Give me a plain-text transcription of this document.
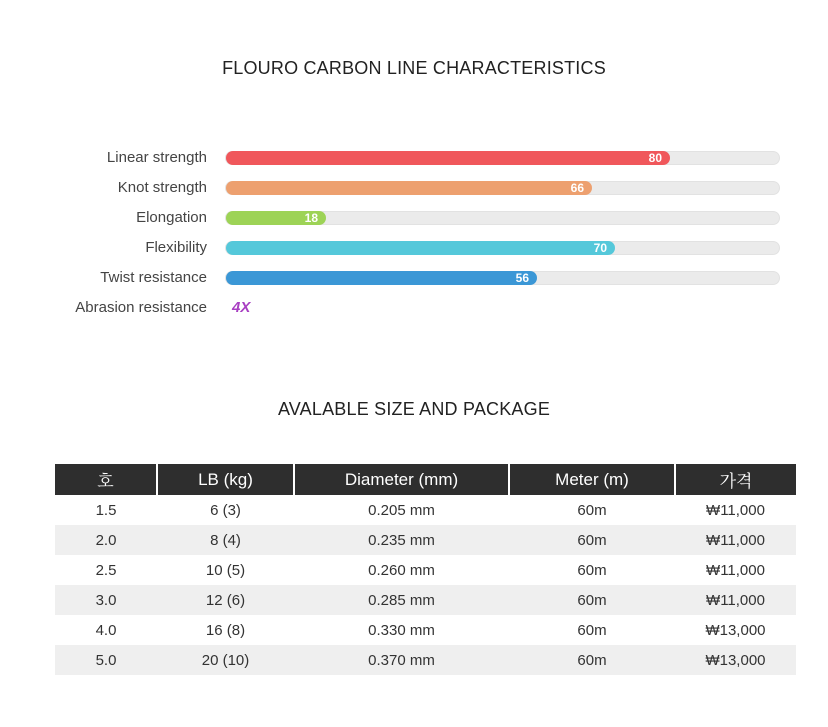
FLOURO CARBON LINE CHARACTERISTICS
Linear strength	80
Knot strength	66
Elongation	18
Flexibility	70
Twist resistance	56
Abrasion resistance 4X
AVALABLE SIZE AND PACKAGE
호	LB (kg)	Diameter (mm)	Meter (m)	가격
1.5	6 (3)	0.205 mm	60m	₩11,000
2.0	8 (4)	0.235 mm	60m	₩11,000
2.5	10 (5)	0.260 mm	60m	₩11,000
3.0	12 (6)	0.285 mm	60m	₩11,000
4.0	16 (8)	0.330 mm	60m	₩13,000
5.0	20 (10)	0.370 mm	60m	₩13,000
